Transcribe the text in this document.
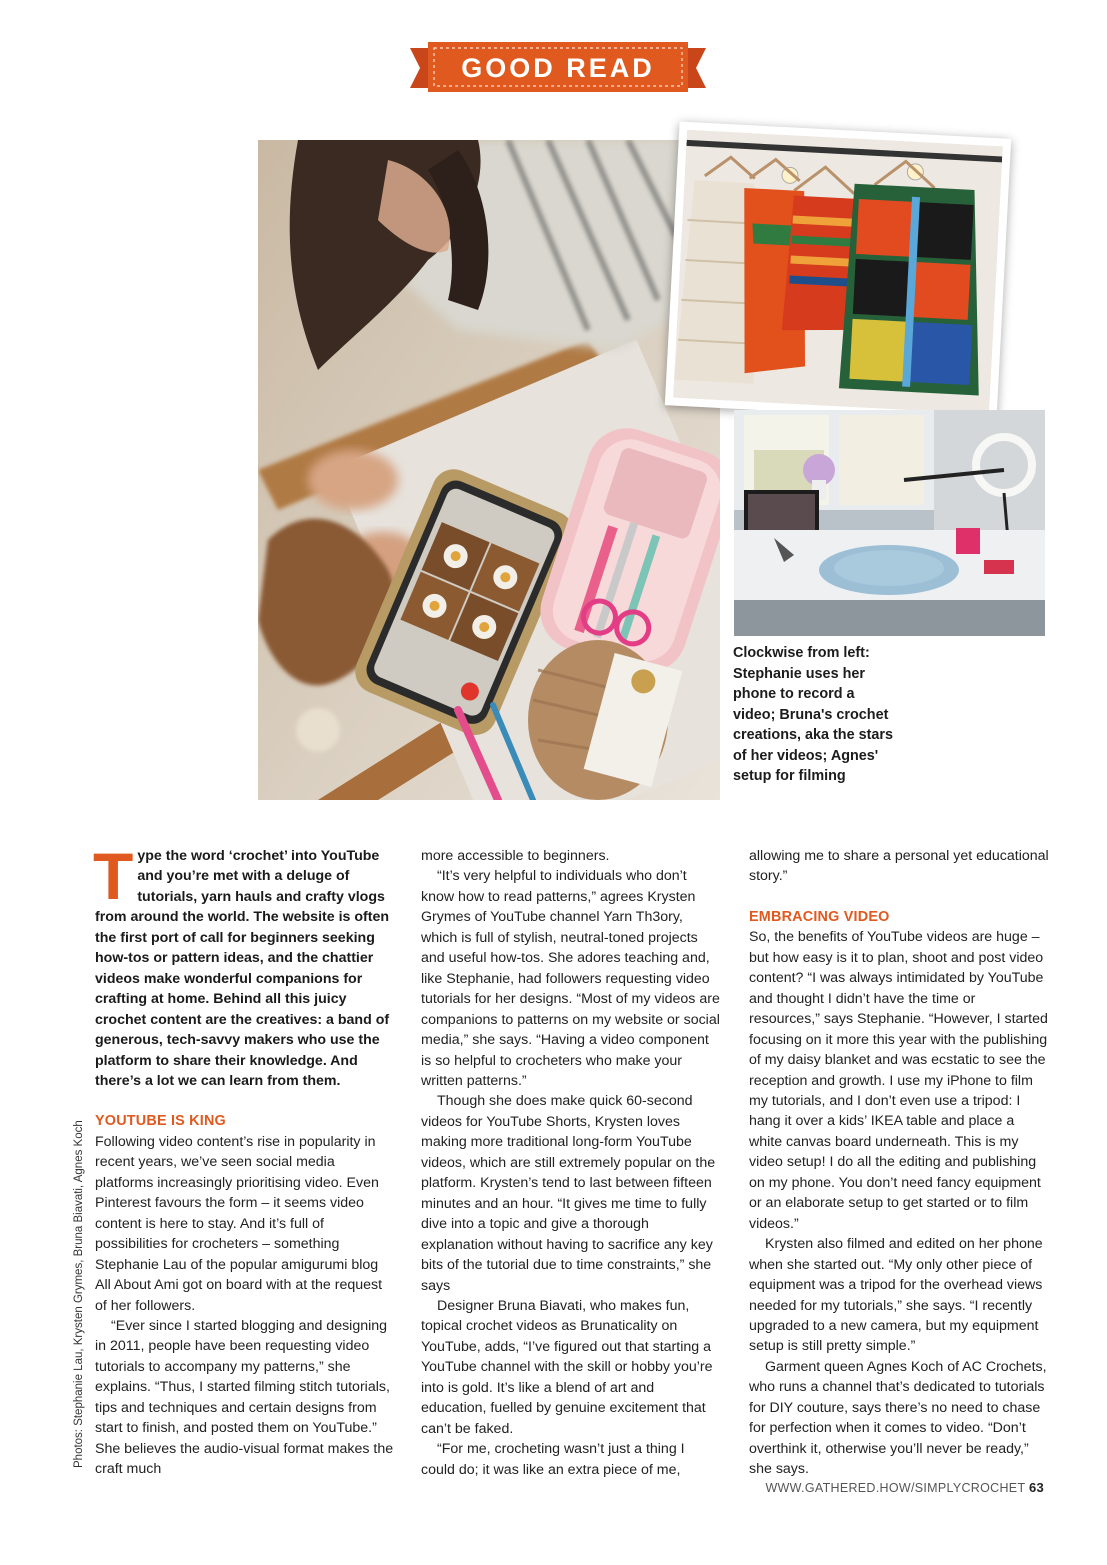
GOOD READ
Clockwise from left: Stephanie uses her phone to record a video; Bruna's crochet creations, aka the stars of her videos; Agnes' setup for filming

Type the word ‘crochet’ into YouTube and you’re met with a deluge of tutorials, yarn hauls and crafty vlogs from around the world. The website is often the first port of call for beginners seeking how-tos or pattern ideas, and the chattier videos make wonderful companions for crafting at home. Behind all this juicy crochet content are the creatives: a band of generous, tech-savvy makers who use the platform to share their knowledge. And there’s a lot we can learn from them.

YOUTUBE IS KING

Following video content’s rise in popularity in recent years, we’ve seen social media platforms increasingly prioritising video. Even Pinterest favours the form – it seems video content is here to stay. And it’s full of possibilities for crocheters – something Stephanie Lau of the popular amigurumi blog All About Ami got on board with at the request of her followers.

“Ever since I started blogging and designing in 2011, people have been requesting video tutorials to accompany my patterns,” she explains. “Thus, I started filming stitch tutorials, tips and techniques and certain designs from start to finish, and posted them on YouTube.” She believes the audio-visual format makes the craft much

more accessible to beginners.

“It’s very helpful to individuals who don’t know how to read patterns,” agrees Krysten Grymes of YouTube channel Yarn Th3ory, which is full of stylish, neutral-toned projects and useful how-tos. She adores teaching and, like Stephanie, had followers requesting video tutorials for her designs. “Most of my videos are companions to patterns on my website or social media,” she says. “Having a video component is so helpful to crocheters who make your written patterns.”

Though she does make quick 60-second videos for YouTube Shorts, Krysten loves making more traditional long-form YouTube videos, which are still extremely popular on the platform. Krysten’s tend to last between fifteen minutes and an hour. “It gives me time to fully dive into a topic and give a thorough explanation without having to sacrifice any key bits of the tutorial due to time constraints,” she says

Designer Bruna Biavati, who makes fun, topical crochet videos as Brunaticality on YouTube, adds, “I’ve figured out that starting a YouTube channel with the skill or hobby you’re into is gold. It’s like a blend of art and education, fuelled by genuine excitement that can’t be faked.

“For me, crocheting wasn’t just a thing I could do; it was like an extra piece of me,

allowing me to share a personal yet educational story.”

EMBRACING VIDEO

So, the benefits of YouTube videos are huge – but how easy is it to plan, shoot and post video content? “I was always intimidated by YouTube and thought I didn’t have the time or resources,” says Stephanie. “However, I started focusing on it more this year with the publishing of my daisy blanket and was ecstatic to see the reception and growth. I use my iPhone to film my tutorials, and I don’t even use a tripod: I hang it over a kids’ IKEA table and place a white canvas board underneath. This is my video setup! I do all the editing and publishing on my phone. You don’t need fancy equipment or an elaborate setup to get started or to film videos.”

Krysten also filmed and edited on her phone when she started out. “My only other piece of equipment was a tripod for the overhead views needed for my tutorials,” she says. “I recently upgraded to a new camera, but my equipment setup is still pretty simple.”

Garment queen Agnes Koch of AC Crochets, who runs a channel that’s dedicated to tutorials for DIY couture, says there’s no need to chase for perfection when it comes to video. “Don’t overthink it, otherwise you’ll never be ready,” she says.

Photos: Stephanie Lau, Krysten Grymes, Bruna Biavati, Agnes Koch
WWW.GATHERED.HOW/SIMPLYCROCHET 63
